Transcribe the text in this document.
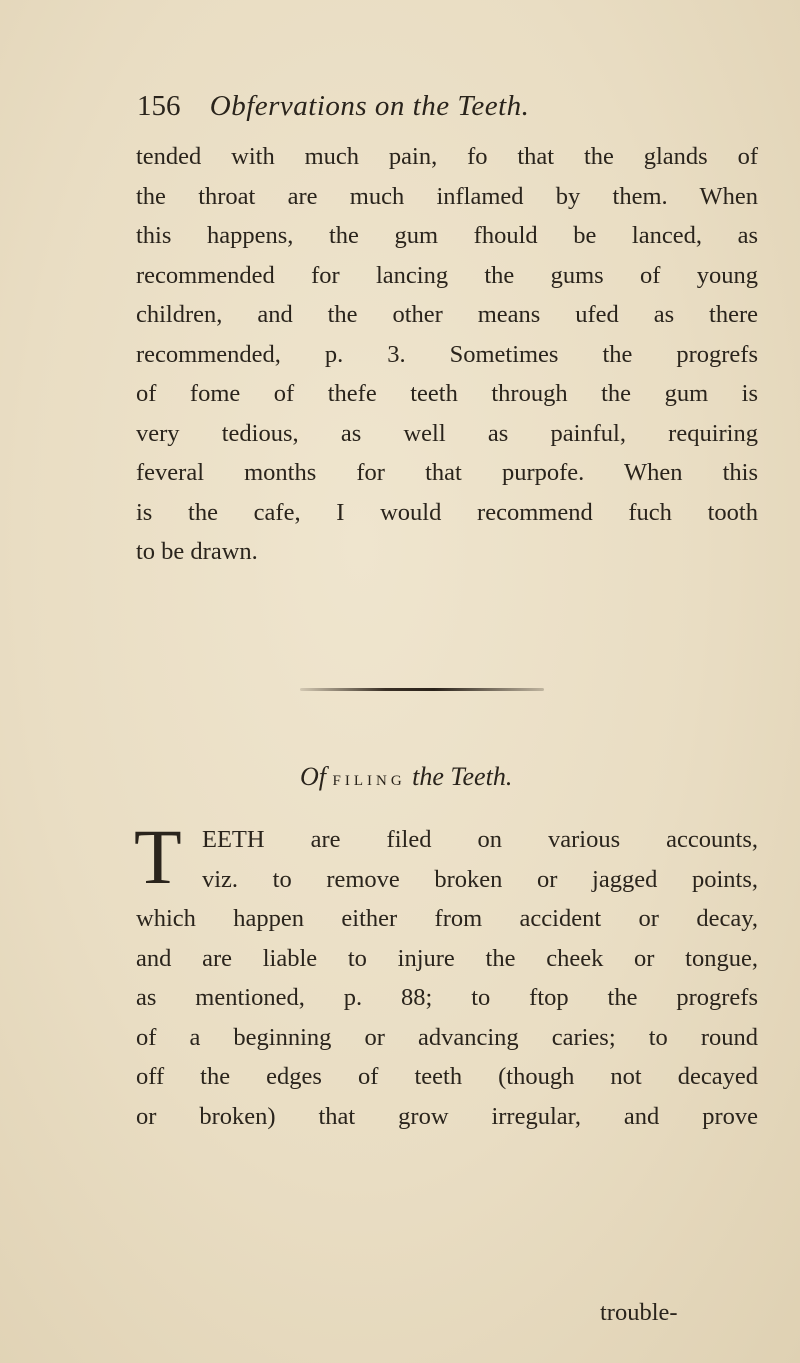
156 Obfervations on the Teeth.
tended with much pain, fo that the glands of
the throat are much inflamed by them. When
this happens, the gum fhould be lanced, as
recommended for lancing the gums of young
children, and the other means ufed as there
recommended, p. 3. Sometimes the progrefs
of fome of thefe teeth through the gum is
very tedious, as well as painful, requiring
feveral months for that purpofe. When this
is the cafe, I would recommend fuch tooth
to be drawn.
Of filing the Teeth.
T EETH are filed on various accounts,
viz. to remove broken or jagged points,
which happen either from accident or decay,
and are liable to injure the cheek or tongue,
as mentioned, p. 88; to ftop the progrefs
of a beginning or advancing caries; to round
off the edges of teeth (though not decayed
or broken) that grow irregular, and prove
trouble-
